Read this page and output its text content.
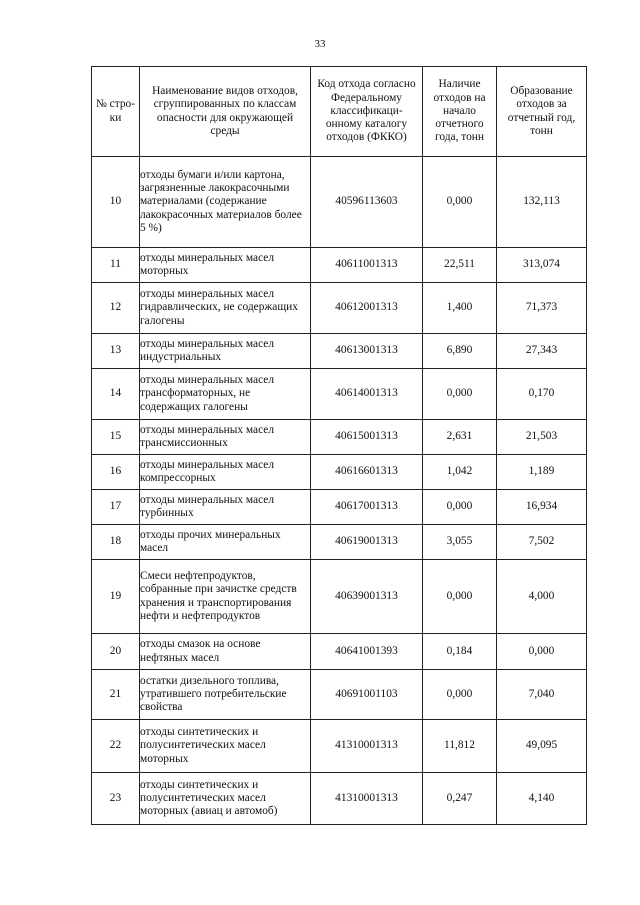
33
№ стро-ки	Наименование видов отходов, сгруппированных по классам опасности для окружающей среды	Код отхода согласно Федеральному классификаци-онному каталогу отходов (ФККО)	Наличие отходов на начало отчетного года, тонн	Образование отходов за отчетный год, тонн
10	отходы бумаги и/или картона, загрязненные лакокрасочными материалами (содержание лакокрасочных материалов более 5 %)	40596113603	0,000	132,113
11	отходы минеральных масел моторных	40611001313	22,511	313,074
12	отходы минеральных масел гидравлических, не содержащих галогены	40612001313	1,400	71,373
13	отходы минеральных масел индустриальных	40613001313	6,890	27,343
14	отходы минеральных масел трансформаторных, не содержащих галогены	40614001313	0,000	0,170
15	отходы минеральных масел трансмиссионных	40615001313	2,631	21,503
16	отходы минеральных масел компрессорных	40616601313	1,042	1,189
17	отходы минеральных масел турбинных	40617001313	0,000	16,934
18	отходы прочих минеральных масел	40619001313	3,055	7,502
19	Смеси нефтепродуктов, собранные при зачистке средств хранения и транспортирования нефти и нефтепродуктов	40639001313	0,000	4,000
20	отходы смазок на основе нефтяных масел	40641001393	0,184	0,000
21	остатки дизельного топлива, утратившего потребительские свойства	40691001103	0,000	7,040
22	отходы синтетических и полусинтетических масел моторных	41310001313	11,812	49,095
23	отходы синтетических и полусинтетических масел моторных (авиац и автомоб)	41310001313	0,247	4,140
